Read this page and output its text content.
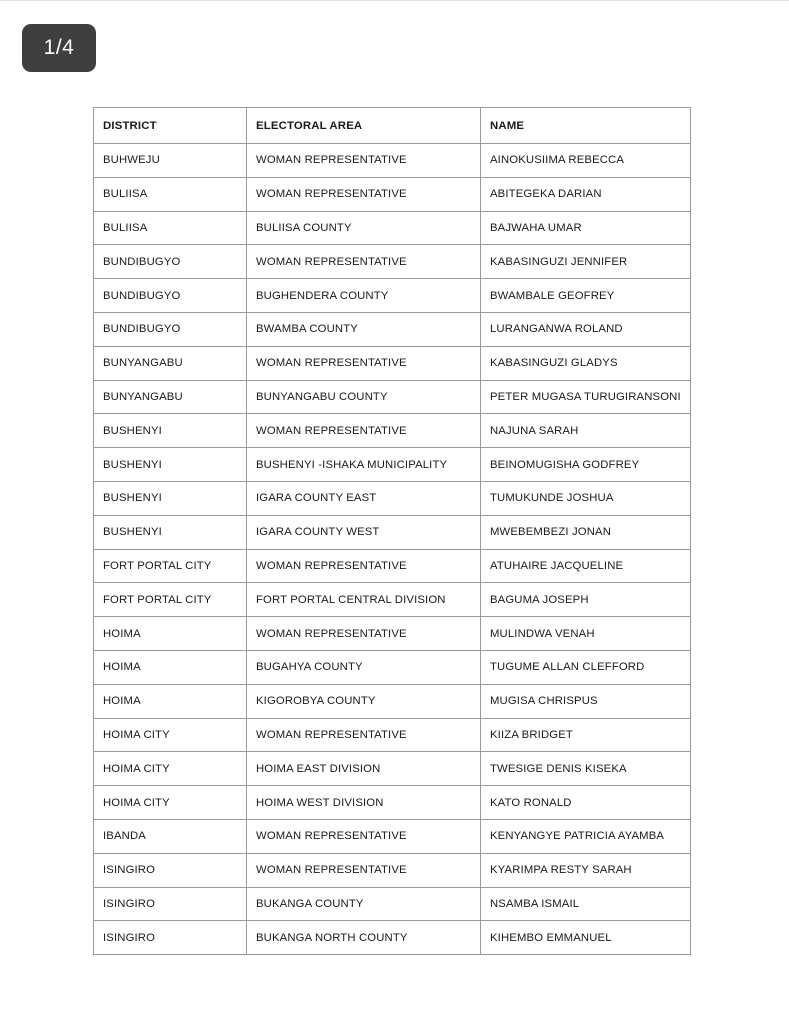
1/4
DISTRICT	ELECTORAL AREA	NAME
BUHWEJU	WOMAN REPRESENTATIVE	AINOKUSIIMA REBECCA
BULIISA	WOMAN REPRESENTATIVE	ABITEGEKA DARIAN
BULIISA	BULIISA COUNTY	BAJWAHA UMAR
BUNDIBUGYO	WOMAN REPRESENTATIVE	KABASINGUZI JENNIFER
BUNDIBUGYO	BUGHENDERA COUNTY	BWAMBALE GEOFREY
BUNDIBUGYO	BWAMBA COUNTY	LURANGANWA ROLAND
BUNYANGABU	WOMAN REPRESENTATIVE	KABASINGUZI GLADYS
BUNYANGABU	BUNYANGABU COUNTY	PETER MUGASA TURUGIRANSONI
BUSHENYI	WOMAN REPRESENTATIVE	NAJUNA SARAH
BUSHENYI	BUSHENYI -ISHAKA MUNICIPALITY	BEINOMUGISHA GODFREY
BUSHENYI	IGARA COUNTY EAST	TUMUKUNDE JOSHUA
BUSHENYI	IGARA COUNTY WEST	MWEBEMBEZI JONAN
FORT PORTAL CITY	WOMAN REPRESENTATIVE	ATUHAIRE JACQUELINE
FORT PORTAL CITY	FORT PORTAL CENTRAL DIVISION	BAGUMA JOSEPH
HOIMA	WOMAN REPRESENTATIVE	MULINDWA VENAH
HOIMA	BUGAHYA COUNTY	TUGUME ALLAN CLEFFORD
HOIMA	KIGOROBYA COUNTY	MUGISA CHRISPUS
HOIMA CITY	WOMAN REPRESENTATIVE	KIIZA BRIDGET
HOIMA CITY	HOIMA EAST DIVISION	TWESIGE DENIS KISEKA
HOIMA CITY	HOIMA WEST DIVISION	KATO RONALD
IBANDA	WOMAN REPRESENTATIVE	KENYANGYE PATRICIA AYAMBA
ISINGIRO	WOMAN REPRESENTATIVE	KYARIMPA RESTY SARAH
ISINGIRO	BUKANGA COUNTY	NSAMBA ISMAIL
ISINGIRO	BUKANGA NORTH COUNTY	KIHEMBO EMMANUEL
